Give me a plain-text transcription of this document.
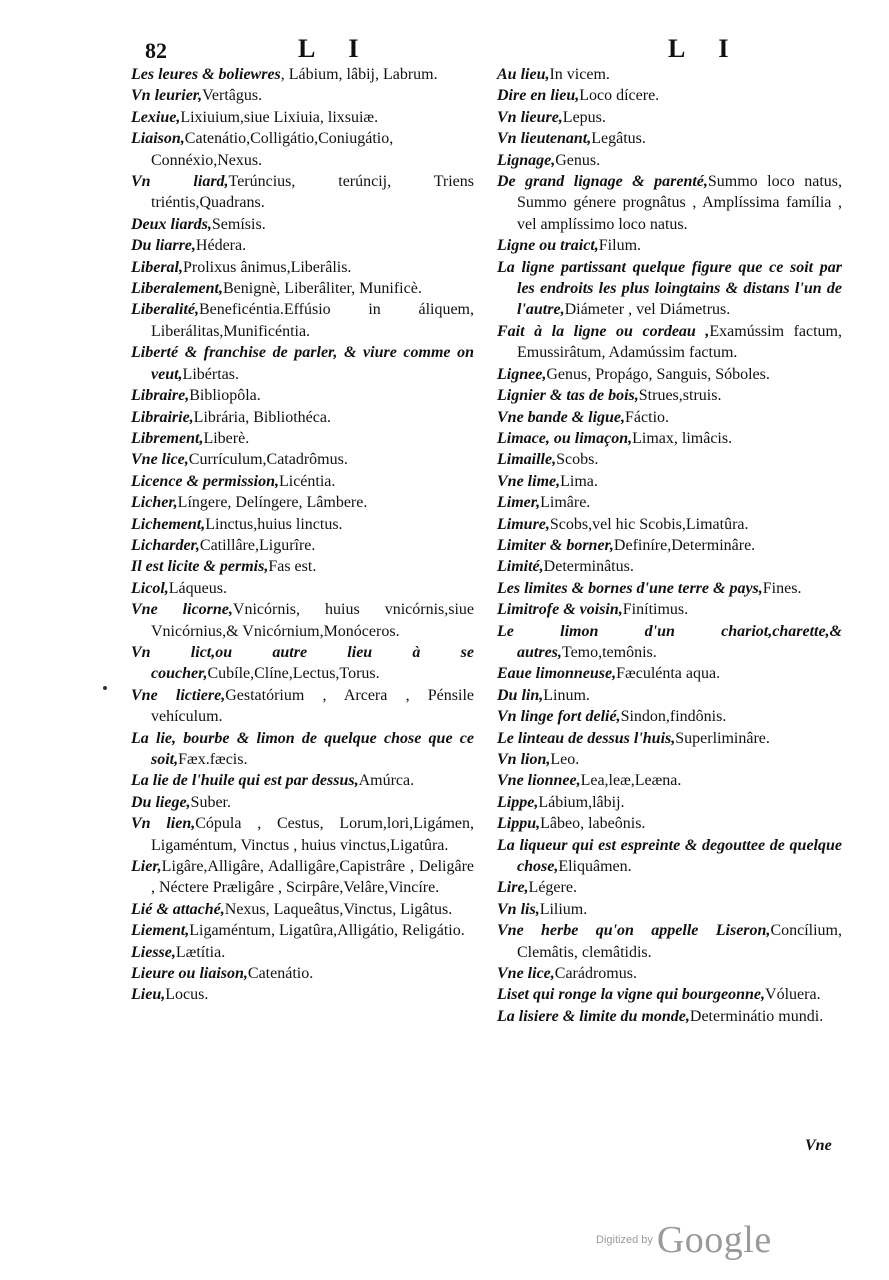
82	L I	L I
Les leures & boliewres, Lábium, lâbij, Labrum.
Vn leurier,Vertâgus.
Lexiue,Lixiuium,siue Lixiuia, lixsuiæ.
Liaison,Catenátio,Colligátio,Coniugátio, Connéxio,Nexus.
Vn liard,Terúncius, terúncij, Triens triéntis,Quadrans.
Deux liards,Semísis.
Du liarre,Hédera.
Liberal,Prolixus ânimus,Liberâlis.
Liberalement,Benignè, Liberâliter, Munificè.
Liberalité,Beneficéntia.Effúsio in áliquem, Liberálitas,Munificéntia.
Liberté & franchise de parler, & viure comme on veut,Libértas.
Libraire,Bibliopôla.
Librairie,Librária, Bibliothéca.
Librement,Liberè.
Vne lice,Currículum,Catadrômus.
Licence & permission,Licéntia.
Licher,Língere, Delíngere, Lâmbere.
Lichement,Linctus,huius linctus.
Licharder,Catillâre,Ligurîre.
Il est licite & permis,Fas est.
Licol,Láqueus.
Vne licorne,Vnicórnis, huius vnicórnis,siue Vnicórnius,& Vnicórnium,Monóceros.
Vn lict,ou autre lieu à se coucher,Cubíle,Clíne,Lectus,Torus.
Vne lictiere,Gestatórium , Arcera , Pénsile vehículum.
La lie, bourbe & limon de quelque chose que ce soit,Fæx.fæcis.
La lie de l'huile qui est par dessus,Amúrca.
Du liege,Suber.
Vn lien,Cópula , Cestus, Lorum,lori,Ligámen, Ligaméntum, Vinctus , huius vinctus,Ligatûra.
Lier,Ligâre,Alligâre, Adalligâre,Capistrâre , Deligâre , Néctere Præligâre , Scirpâre,Velâre,Vincíre.
Lié & attaché,Nexus, Laqueâtus,Vinctus, Ligâtus.
Liement,Ligaméntum, Ligatûra,Alligátio, Religátio.
Liesse,Lætítia.
Lieure ou liaison,Catenátio.
Lieu,Locus.
Au lieu,In vicem.
Dire en lieu,Loco dícere.
Vn lieure,Lepus.
Vn lieutenant,Legâtus.
Lignage,Genus.
De grand lignage & parenté,Summo loco natus, Summo génere prognâtus , Amplíssima família , vel amplíssimo loco natus.
Ligne ou traict,Filum.
La ligne partissant quelque figure que ce soit par les endroits les plus loingtains & distans l'un de l'autre,Diámeter , vel Diámetrus.
Fait à la ligne ou cordeau ,Examússim factum, Emussirâtum, Adamússim factum.
Lignee,Genus, Propágo, Sanguis, Sóboles.
Lignier & tas de bois,Strues,struis.
Vne bande & ligue,Fáctio.
Limace, ou limaçon,Limax, limâcis.
Limaille,Scobs.
Vne lime,Lima.
Limer,Limâre.
Limure,Scobs,vel hic Scobis,Limatûra.
Limiter & borner,Definíre,Determinâre.
Limité,Determinâtus.
Les limites & bornes d'une terre & pays,Fines.
Limitrofe & voisin,Finítimus.
Le limon d'un chariot,charette,& autres,Temo,temônis.
Eaue limonneuse,Fæculénta aqua.
Du lin,Linum.
Vn linge fort delié,Sindon,findônis.
Le linteau de dessus l'huis,Superliminâre.
Vn lion,Leo.
Vne lionnee,Lea,leæ,Leæna.
Lippe,Lábium,lâbij.
Lippu,Lâbeo, labeônis.
La liqueur qui est espreinte & degouttee de quelque chose,Eliquâmen.
Lire,Légere.
Vn lis,Lilium.
Vne herbe qu'on appelle Liseron,Concílium, Clemâtis, clemâtidis.
Vne lice,Carádromus.
Liset qui ronge la vigne qui bourgeonne,Vóluera.
La lisiere & limite du monde,Determinátio mundi.
Vne
Digitized by Google
